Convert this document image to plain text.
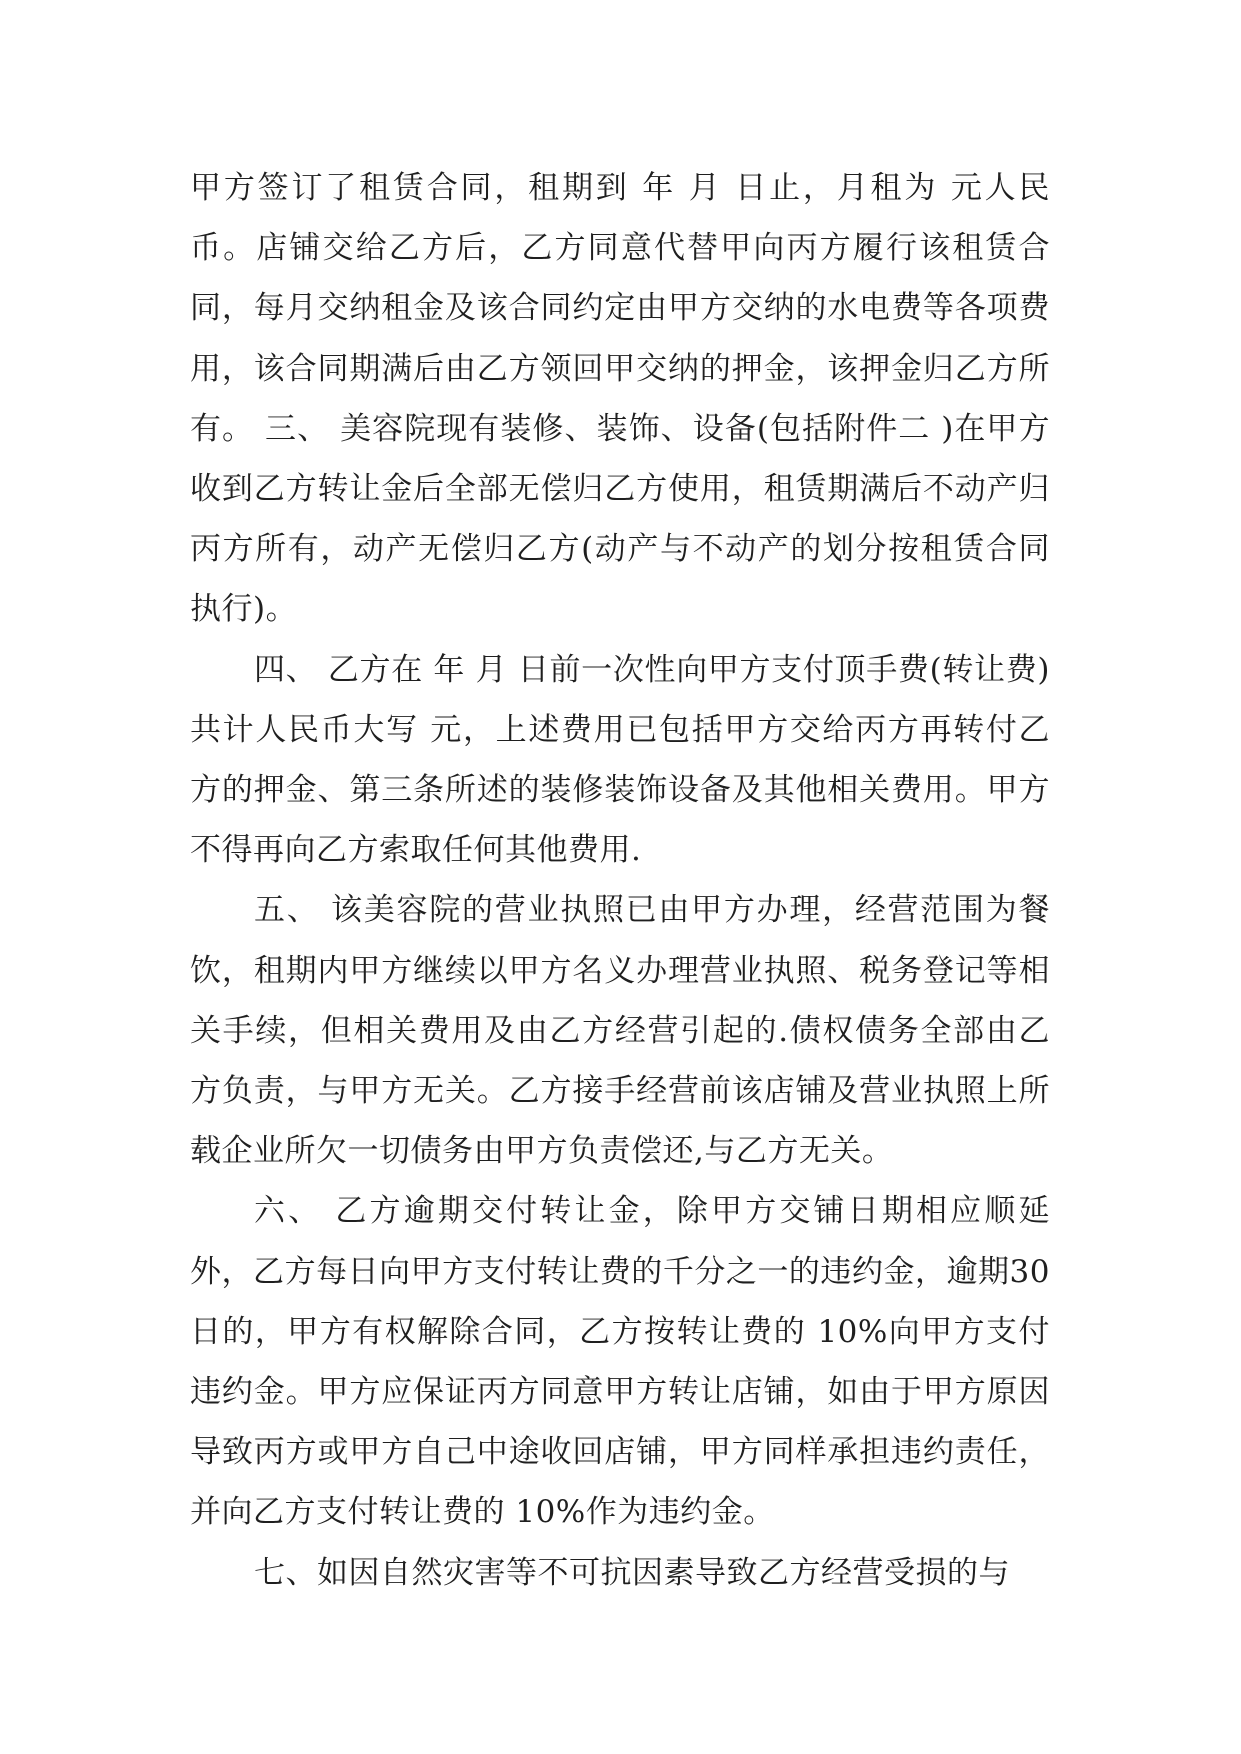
甲方签订了租赁合同，租期到 年 月 日止，月租为 元人民币。店铺交给乙方后，乙方同意代替甲向丙方履行该租赁合同，每月交纳租金及该合同约定由甲方交纳的水电费等各项费用，该合同期满后由乙方领回甲交纳的押金，该押金归乙方所有。 三、 美容院现有装修、装饰、设备(包括附件二 )在甲方收到乙方转让金后全部无偿归乙方使用，租赁期满后不动产归丙方所有，动产无偿归乙方(动产与不动产的划分按租赁合同执行)。

四、 乙方在 年 月 日前一次性向甲方支付顶手费(转让费)共计人民币大写 元，上述费用已包括甲方交给丙方再转付乙方的押金、第三条所述的装修装饰设备及其他相关费用。甲方不得再向乙方索取任何其他费用.

五、 该美容院的营业执照已由甲方办理，经营范围为餐饮，租期内甲方继续以甲方名义办理营业执照、税务登记等相关手续，但相关费用及由乙方经营引起的.债权债务全部由乙方负责，与甲方无关。乙方接手经营前该店铺及营业执照上所载企业所欠一切债务由甲方负责偿还,与乙方无关。

六、 乙方逾期交付转让金，除甲方交铺日期相应顺延外，乙方每日向甲方支付转让费的千分之一的违约金，逾期30 日的，甲方有权解除合同，乙方按转让费的 10%向甲方支付违约金。甲方应保证丙方同意甲方转让店铺，如由于甲方原因导致丙方或甲方自己中途收回店铺，甲方同样承担违约责任，并向乙方支付转让费的 10%作为违约金。

七、如因自然灾害等不可抗因素导致乙方经营受损的与
